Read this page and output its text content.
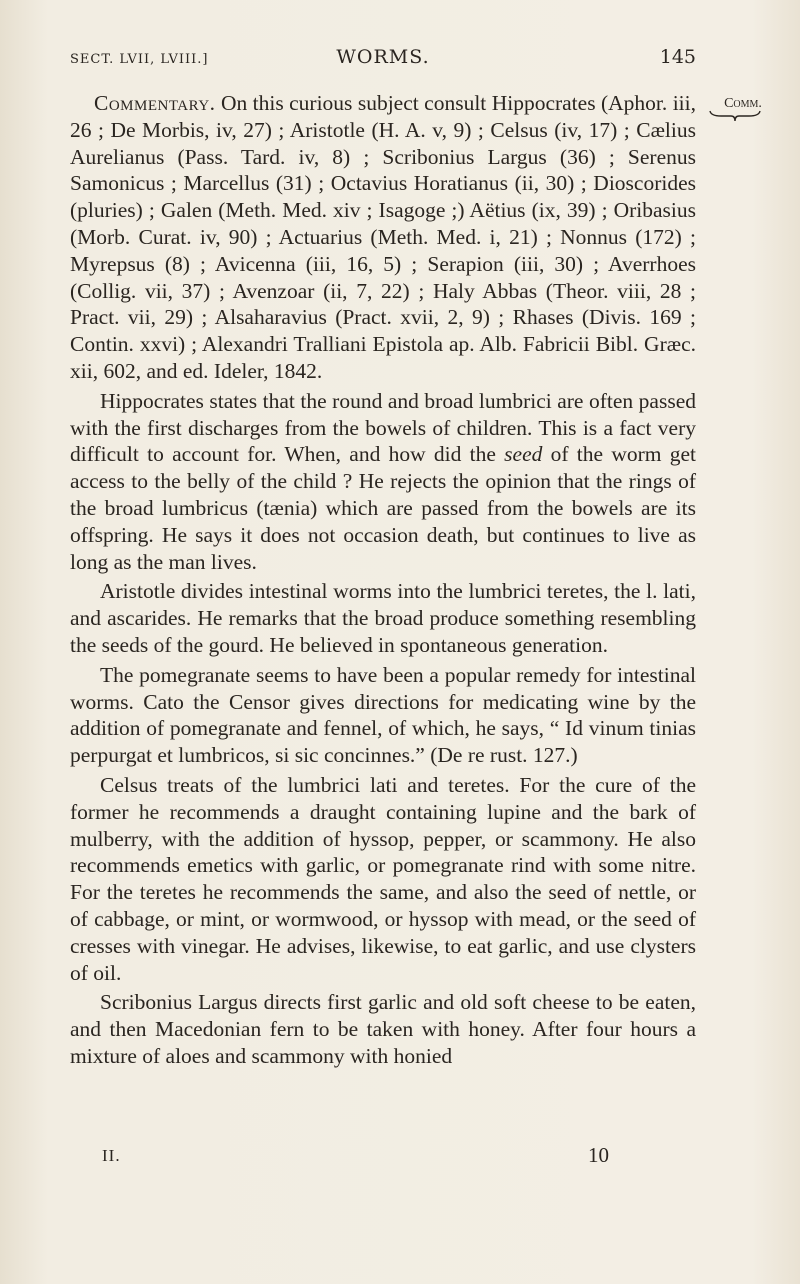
SECT. LVII, LVIII.]	WORMS.	145
Comm.

Commentary. On this curious subject consult Hippocrates (Aphor. iii, 26 ; De Morbis, iv, 27) ; Aristotle (H. A. v, 9) ; Celsus (iv, 17) ; Cælius Aurelianus (Pass. Tard. iv, 8) ; Scribonius Largus (36) ; Serenus Samonicus ; Marcellus (31) ; Octavius Horatianus (ii, 30) ; Dioscorides (pluries) ; Galen (Meth. Med. xiv ; Isagoge ;) Aëtius (ix, 39) ; Oribasius (Morb. Curat. iv, 90) ; Actuarius (Meth. Med. i, 21) ; Nonnus (172) ; Myrepsus (8) ; Avicenna (iii, 16, 5) ; Serapion (iii, 30) ; Averrhoes (Collig. vii, 37) ; Avenzoar (ii, 7, 22) ; Haly Abbas (Theor. viii, 28 ; Pract. vii, 29) ; Alsaharavius (Pract. xvii, 2, 9) ; Rhases (Divis. 169 ; Contin. xxvi) ; Alexandri Tralliani Epistola ap. Alb. Fabricii Bibl. Græc. xii, 602, and ed. Ideler, 1842.

Hippocrates states that the round and broad lumbrici are often passed with the first discharges from the bowels of children. This is a fact very difficult to account for. When, and how did the seed of the worm get access to the belly of the child ? He rejects the opinion that the rings of the broad lumbricus (tænia) which are passed from the bowels are its offspring. He says it does not occasion death, but continues to live as long as the man lives.

Aristotle divides intestinal worms into the lumbrici teretes, the l. lati, and ascarides. He remarks that the broad produce something resembling the seeds of the gourd. He believed in spontaneous generation.

The pomegranate seems to have been a popular remedy for intestinal worms. Cato the Censor gives directions for medicating wine by the addition of pomegranate and fennel, of which, he says, “ Id vinum tinias perpurgat et lumbricos, si sic concinnes.” (De re rust. 127.)

Celsus treats of the lumbrici lati and teretes. For the cure of the former he recommends a draught containing lupine and the bark of mulberry, with the addition of hyssop, pepper, or scammony. He also recommends emetics with garlic, or pomegranate rind with some nitre. For the teretes he recommends the same, and also the seed of nettle, or of cabbage, or mint, or wormwood, or hyssop with mead, or the seed of cresses with vinegar. He advises, likewise, to eat garlic, and use clysters of oil.

Scribonius Largus directs first garlic and old soft cheese to be eaten, and then Macedonian fern to be taken with honey. After four hours a mixture of aloes and scammony with honied

II.	10
